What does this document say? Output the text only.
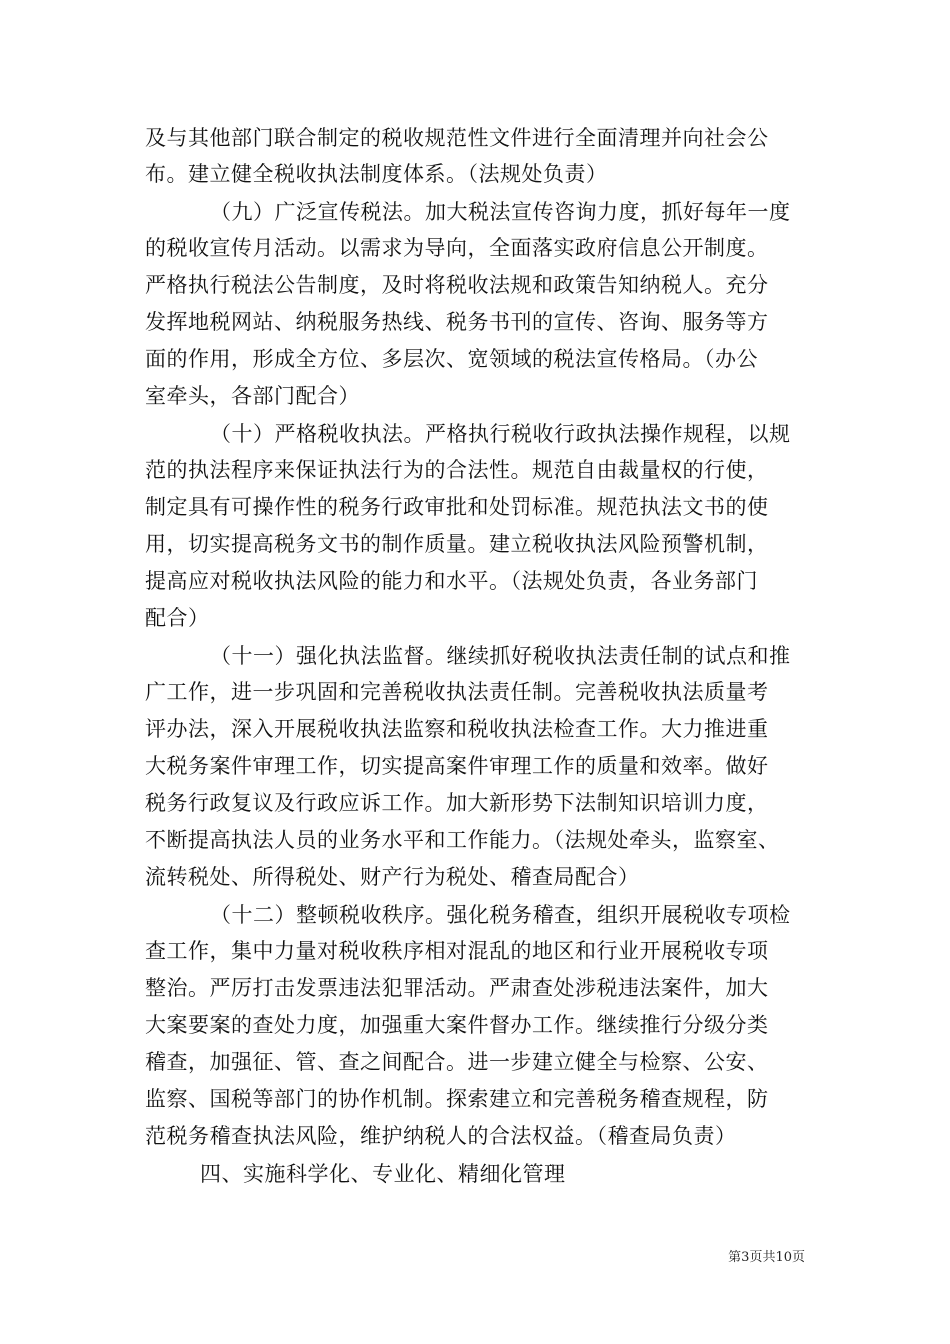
及与其他部门联合制定的税收规范性文件进行全面清理并向社会公

布。建立健全税收执法制度体系。（法规处负责）

（九）广泛宣传税法。加大税法宣传咨询力度，抓好每年一度

的税收宣传月活动。以需求为导向，全面落实政府信息公开制度。

严格执行税法公告制度，及时将税收法规和政策告知纳税人。充分

发挥地税网站、纳税服务热线、税务书刊的宣传、咨询、服务等方

面的作用，形成全方位、多层次、宽领域的税法宣传格局。（办公

室牵头，各部门配合）

（十）严格税收执法。严格执行税收行政执法操作规程，以规

范的执法程序来保证执法行为的合法性。规范自由裁量权的行使，

制定具有可操作性的税务行政审批和处罚标准。规范执法文书的使

用，切实提高税务文书的制作质量。建立税收执法风险预警机制，

提高应对税收执法风险的能力和水平。（法规处负责，各业务部门

配合）

（十一）强化执法监督。继续抓好税收执法责任制的试点和推

广工作，进一步巩固和完善税收执法责任制。完善税收执法质量考

评办法，深入开展税收执法监察和税收执法检查工作。大力推进重

大税务案件审理工作，切实提高案件审理工作的质量和效率。做好

税务行政复议及行政应诉工作。加大新形势下法制知识培训力度，

不断提高执法人员的业务水平和工作能力。（法规处牵头，监察室、

流转税处、所得税处、财产行为税处、稽查局配合）

（十二）整顿税收秩序。强化税务稽查，组织开展税收专项检

查工作，集中力量对税收秩序相对混乱的地区和行业开展税收专项

整治。严厉打击发票违法犯罪活动。严肃查处涉税违法案件，加大

大案要案的查处力度，加强重大案件督办工作。继续推行分级分类

稽查，加强征、管、查之间配合。进一步建立健全与检察、公安、

监察、国税等部门的协作机制。探索建立和完善税务稽查规程，防

范税务稽查执法风险，维护纳税人的合法权益。（稽查局负责）

四、实施科学化、专业化、精细化管理

第3页共10页
